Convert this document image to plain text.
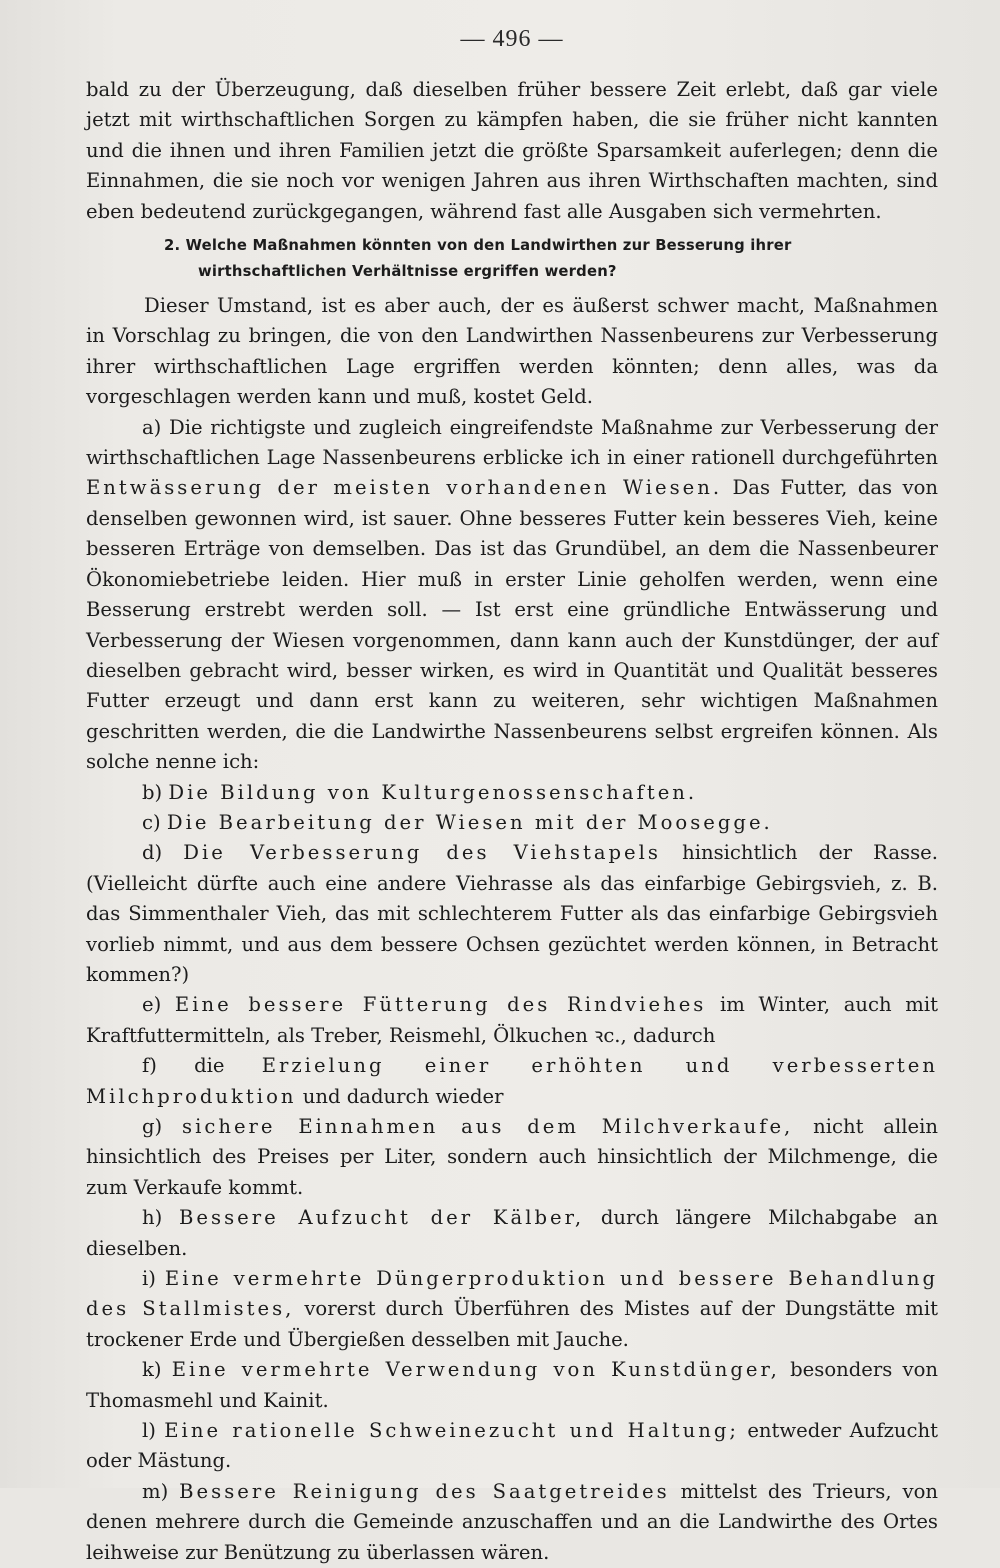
— 496 —

bald zu der Überzeugung, daß dieselben früher bessere Zeit erlebt, daß gar viele jetzt mit wirthschaftlichen Sorgen zu kämpfen haben, die sie früher nicht kannten und die ihnen und ihren Familien jetzt die größte Sparsamkeit auferlegen; denn die Einnahmen, die sie noch vor wenigen Jahren aus ihren Wirthschaften machten, sind eben bedeutend zurückgegangen, während fast alle Ausgaben sich vermehrten.

2. Welche Maßnahmen könnten von den Landwirthen zur Besserung ihrer wirthschaftlichen Verhältnisse ergriffen werden?

Dieser Umstand, ist es aber auch, der es äußerst schwer macht, Maßnahmen in Vorschlag zu bringen, die von den Landwirthen Nassenbeurens zur Verbesserung ihrer wirthschaftlichen Lage ergriffen werden könnten; denn alles, was da vorgeschlagen werden kann und muß, kostet Geld.

a) Die richtigste und zugleich eingreifendste Maßnahme zur Verbesserung der wirthschaftlichen Lage Nassenbeurens erblicke ich in einer rationell durchgeführten Entwässerung der meisten vorhandenen Wiesen. Das Futter, das von denselben gewonnen wird, ist sauer. Ohne besseres Futter kein besseres Vieh, keine besseren Erträge von demselben. Das ist das Grundübel, an dem die Nassenbeurer Ökonomiebetriebe leiden. Hier muß in erster Linie geholfen werden, wenn eine Besserung erstrebt werden soll. — Ist erst eine gründliche Entwässerung und Verbesserung der Wiesen vorgenommen, dann kann auch der Kunstdünger, der auf dieselben gebracht wird, besser wirken, es wird in Quantität und Qualität besseres Futter erzeugt und dann erst kann zu weiteren, sehr wichtigen Maßnahmen geschritten werden, die die Landwirthe Nassenbeurens selbst ergreifen können. Als solche nenne ich:

b) Die Bildung von Kulturgenossenschaften.

c) Die Bearbeitung der Wiesen mit der Moosegge.

d) Die Verbesserung des Viehstapels hinsichtlich der Rasse. (Vielleicht dürfte auch eine andere Viehrasse als das einfarbige Gebirgsvieh, z. B. das Simmenthaler Vieh, das mit schlechterem Futter als das einfarbige Gebirgsvieh vorlieb nimmt, und aus dem bessere Ochsen gezüchtet werden können, in Betracht kommen?)

e) Eine bessere Fütterung des Rindviehes im Winter, auch mit Kraftfuttermitteln, als Treber, Reismehl, Ölkuchen ꝛc., dadurch

f) die Erzielung einer erhöhten und verbesserten Milchproduktion und dadurch wieder

g) sichere Einnahmen aus dem Milchverkaufe, nicht allein hinsichtlich des Preises per Liter, sondern auch hinsichtlich der Milchmenge, die zum Verkaufe kommt.

h) Bessere Aufzucht der Kälber, durch längere Milchabgabe an dieselben.

i) Eine vermehrte Düngerproduktion und bessere Behandlung des Stallmistes, vorerst durch Überführen des Mistes auf der Dungstätte mit trockener Erde und Übergießen desselben mit Jauche.

k) Eine vermehrte Verwendung von Kunstdünger, besonders von Thomasmehl und Kainit.

l) Eine rationelle Schweinezucht und Haltung; entweder Aufzucht oder Mästung.

m) Bessere Reinigung des Saatgetreides mittelst des Trieurs, von denen mehrere durch die Gemeinde anzuschaffen und an die Landwirthe des Ortes leihweise zur Benützung zu überlassen wären.
